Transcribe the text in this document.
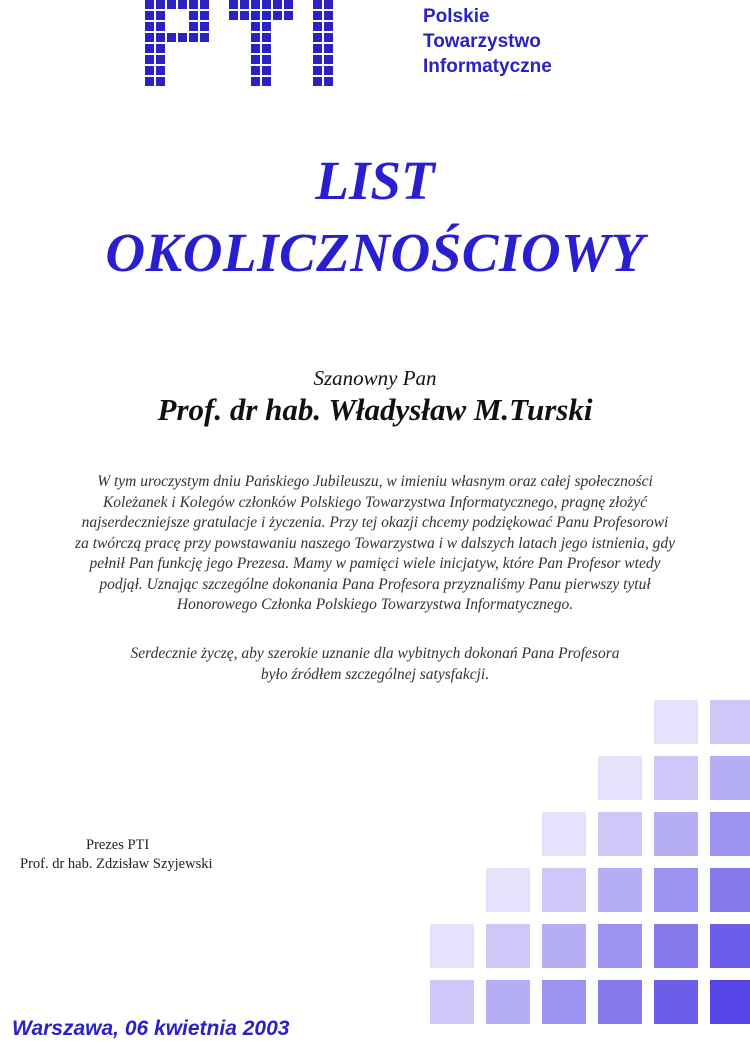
Polskie
Towarzystwo
Informatyczne
LIST
OKOLICZNOŚCIOWY
Szanowny Pan
Prof. dr hab. Władysław M.Turski
W tym uroczystym dniu Pańskiego Jubileuszu, w imieniu własnym oraz całej społeczności
Koleżanek i Kolegów członków Polskiego Towarzystwa Informatycznego, pragnę złożyć
najserdeczniejsze gratulacje i życzenia. Przy tej okazji chcemy podziękować Panu Profesorowi
za twórczą pracę przy powstawaniu naszego Towarzystwa i w dalszych latach jego istnienia, gdy
pełnił Pan funkcję jego Prezesa. Mamy w pamięci wiele inicjatyw, które Pan Profesor wtedy
podjął. Uznając szczególne dokonania Pana Profesora przyznaliśmy Panu pierwszy tytuł
Honorowego Członka Polskiego Towarzystwa Informatycznego.
Serdecznie życzę, aby szerokie uznanie dla wybitnych dokonań Pana Profesora
było źródłem szczególnej satysfakcji.
Prezes PTI
Prof. dr hab. Zdzisław Szyjewski
Warszawa, 06 kwietnia 2003
